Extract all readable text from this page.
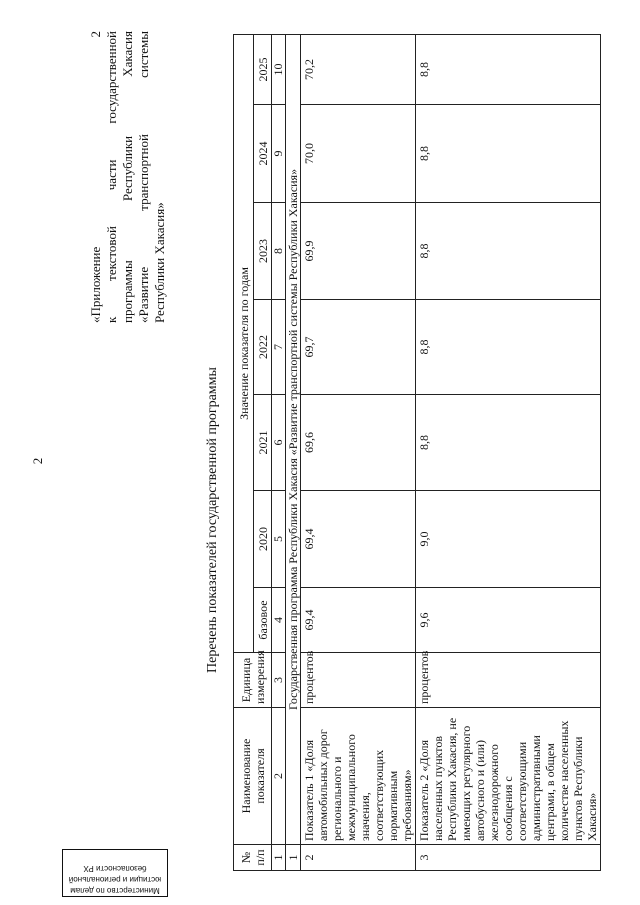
2
«Приложение 2 к текстовой части государственной программы Республики Хакасия «Развитие транспортной системы Республики Хакасия»
Перечень показателей государственной программы
№ п/п	Наименование показателя	Единица измерения	Значение показателя по годам						
			базовое	2020	2021	2022	2023	2024	2025
1	2	3	4	5	6	7	8	9	10
1	Государственная программа Республики Хакасия «Развитие транспортной системы Республики Хакасия»								
2	Показатель 1 «Доля автомобильных дорог регионального и межмуниципального значения, соответствующих нормативным требованиям»	процентов	69,4	69,4	69,6	69,7	69,9	70,0	70,2
3	Показатель 2 «Доля населенных пунктов Республики Хакасия, не имеющих регулярного автобусного и (или) железнодорожного сообщения с соответствующими административными центрами, в общем количестве населенных пунктов Республики Хакасия»	процентов	9,6	9,0	8,8	8,8	8,8	8,8	8,8
Министерство по делам
юстиции и региональной
безопасности РХ
